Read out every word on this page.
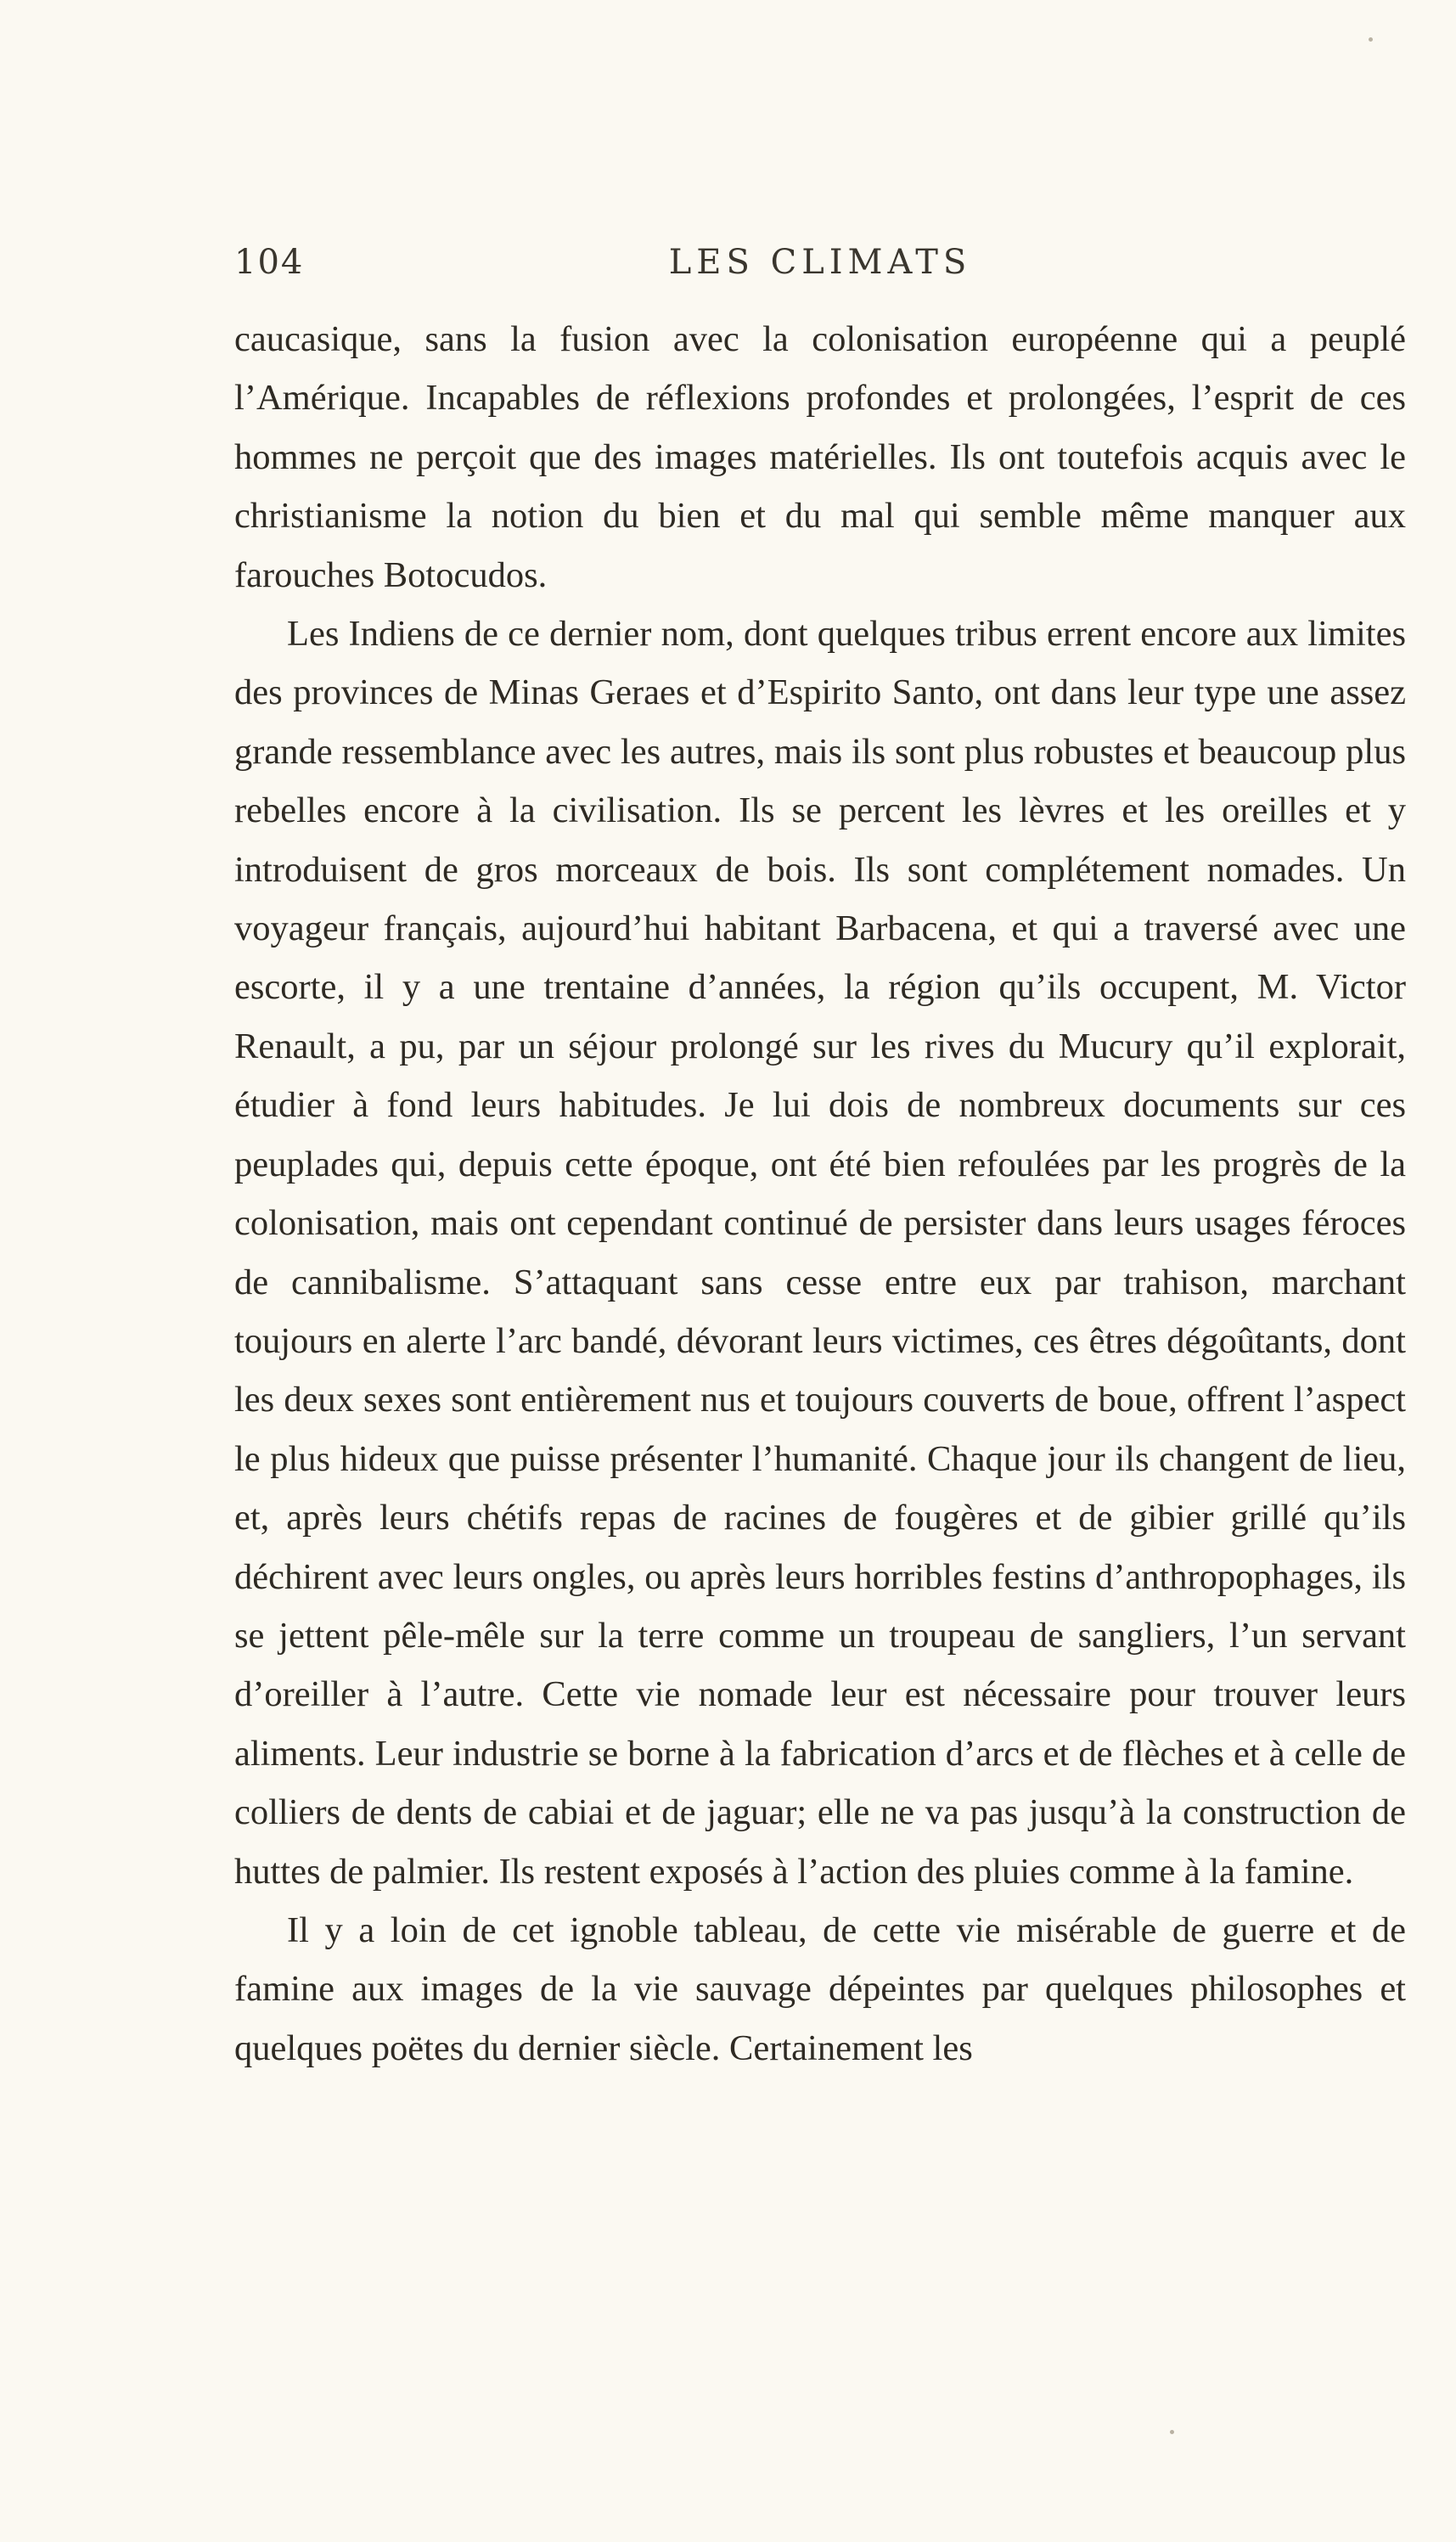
104	LES CLIMATS

caucasique, sans la fusion avec la colonisation européenne qui a peuplé l’Amérique. Incapables de réflexions profondes et prolongées, l’esprit de ces hommes ne perçoit que des images matérielles. Ils ont toutefois acquis avec le christianisme la notion du bien et du mal qui semble même manquer aux farouches Botocudos.

Les Indiens de ce dernier nom, dont quelques tribus errent encore aux limites des provinces de Minas Geraes et d’Espirito Santo, ont dans leur type une assez grande ressemblance avec les autres, mais ils sont plus robustes et beaucoup plus rebelles encore à la civilisation. Ils se percent les lèvres et les oreilles et y introduisent de gros morceaux de bois. Ils sont complétement nomades. Un voyageur français, aujourd’hui habitant Barbacena, et qui a traversé avec une escorte, il y a une trentaine d’années, la région qu’ils occupent, M. Victor Renault, a pu, par un séjour prolongé sur les rives du Mucury qu’il explorait, étudier à fond leurs habitudes. Je lui dois de nombreux documents sur ces peuplades qui, depuis cette époque, ont été bien refoulées par les progrès de la colonisation, mais ont cependant continué de persister dans leurs usages féroces de cannibalisme. S’attaquant sans cesse entre eux par trahison, marchant toujours en alerte l’arc bandé, dévorant leurs victimes, ces êtres dégoûtants, dont les deux sexes sont entièrement nus et toujours couverts de boue, offrent l’aspect le plus hideux que puisse présenter l’humanité. Chaque jour ils changent de lieu, et, après leurs chétifs repas de racines de fougères et de gibier grillé qu’ils déchirent avec leurs ongles, ou après leurs horribles festins d’anthropophages, ils se jettent pêle-mêle sur la terre comme un troupeau de sangliers, l’un servant d’oreiller à l’autre. Cette vie nomade leur est nécessaire pour trouver leurs aliments. Leur industrie se borne à la fabrication d’arcs et de flèches et à celle de colliers de dents de cabiai et de jaguar; elle ne va pas jusqu’à la construction de huttes de palmier. Ils restent exposés à l’action des pluies comme à la famine.

Il y a loin de cet ignoble tableau, de cette vie misérable de guerre et de famine aux images de la vie sauvage dépeintes par quelques philosophes et quelques poëtes du dernier siècle. Certainement les
